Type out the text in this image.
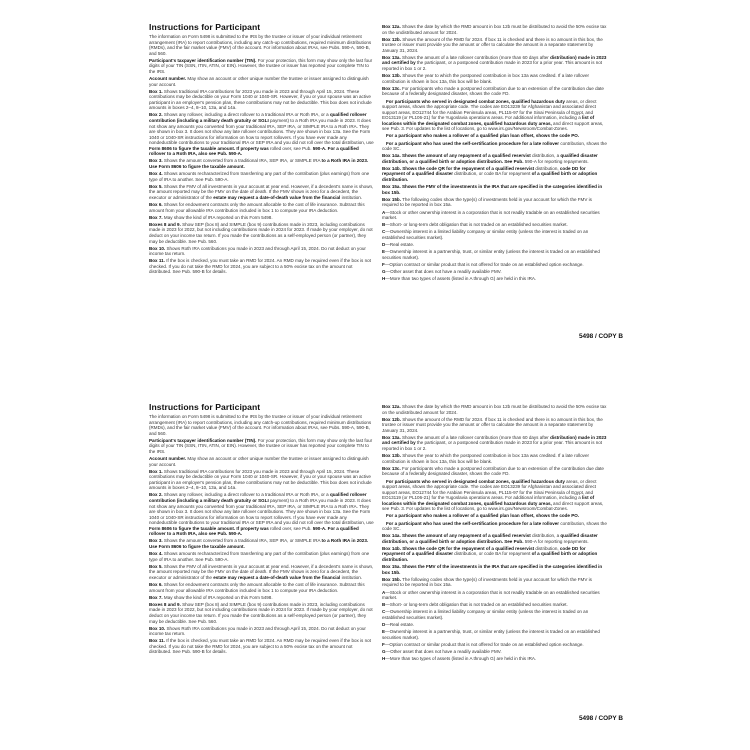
Instructions for Participant

The information on Form 5498 is submitted to the IRS by the trustee or issuer of your individual retirement arrangement (IRA) to report contributions, including any catch-up contributions, required minimum distributions (RMDs), and the fair market value (FMV) of the account. For information about IRAs, see Pubs. 590-A, 590-B, and 560.

Participant's taxpayer identification number (TIN). For your protection, this form may show only the last four digits of your TIN (SSN, ITIN, ATIN, or EIN). However, the trustee or issuer has reported your complete TIN to the IRS.

Account number. May show an account or other unique number the trustee or issuer assigned to distinguish your account.

Box 1. Shows traditional IRA contributions for 2023 you made in 2023 and through April 15, 2024. These contributions may be deductible on your Form 1040 or 1040-SR. However, if you or your spouse was an active participant in an employer's pension plan, these contributions may not be deductible. This box does not include amounts in boxes 2–4, 8–10, 13a, and 14a.

Box 2. Shows any rollover, including a direct rollover to a traditional IRA or Roth IRA, or a qualified rollover contribution (including a military death gratuity or SGLI payment) to a Roth IRA you made in 2023. It does not show any amounts you converted from your traditional IRA, SEP IRA, or SIMPLE IRA to a Roth IRA. They are shown in box 3. It does not show any late rollover contributions. They are shown in box 13a. See the Form 1040 or 1040-SR instructions for information on how to report rollovers. If you have ever made any nondeductible contributions to your traditional IRA or SEP IRA and you did not roll over the total distribution, use Form 8606 to figure the taxable amount. If property was rolled over, see Pub. 590-A. For a qualified rollover to a Roth IRA, also see Pub. 590-A.

Box 3. Shows the amount converted from a traditional IRA, SEP IRA, or SIMPLE IRA to a Roth IRA in 2023. Use Form 8606 to figure the taxable amount.

Box 4. Shows amounts recharacterized from transferring any part of the contribution (plus earnings) from one type of IRA to another. See Pub. 590-A.

Box 5. Shows the FMV of all investments in your account at year end. However, if a decedent's name is shown, the amount reported may be the FMV on the date of death. If the FMV shown is zero for a decedent, the executor or administrator of the estate may request a date-of-death value from the financial institution.

Box 6. Shows for endowment contracts only the amount allocable to the cost of life insurance. Subtract this amount from your allowable IRA contribution included in box 1 to compute your IRA deduction.

Box 7. May show the kind of IRA reported on this Form 5498.

Boxes 8 and 9. Show SEP (box 8) and SIMPLE (box 9) contributions made in 2023, including contributions made in 2023 for 2022, but not including contributions made in 2024 for 2023. If made by your employer, do not deduct on your income tax return. If you made the contributions as a self-employed person (or partner), they may be deductible. See Pub. 560.

Box 10. Shows Roth IRA contributions you made in 2023 and through April 15, 2024. Do not deduct on your income tax return.

Box 11. If the box is checked, you must take an RMD for 2024. An RMD may be required even if the box is not checked. If you do not take the RMD for 2024, you are subject to a 50% excise tax on the amount not distributed. See Pub. 590-B for details.

Box 12a. Shows the date by which the RMD amount in box 12b must be distributed to avoid the 50% excise tax on the undistributed amount for 2024.

Box 12b. Shows the amount of the RMD for 2024. If box 11 is checked and there is no amount in this box, the trustee or issuer must provide you the amount or offer to calculate the amount in a separate statement by January 31, 2024.

Box 13a. Shows the amount of a late rollover contribution (more than 60 days after distribution) made in 2023 and certified by the participant, or a postponed contribution made in 2023 for a prior year. This amount is not reported in box 1 or 2.

Box 13b. Shows the year to which the postponed contribution in box 13a was credited. If a late rollover contribution is shown in box 13a, this box will be blank.

Box 13c. For participants who made a postponed contribution due to an extension of the contribution due date because of a federally designated disaster, shows the code FD.

For participants who served in designated combat zones, qualified hazardous duty areas, or direct support areas, shows the appropriate code. The codes are EO13239 for Afghanistan and associated direct support areas, EO12744 for the Arabian Peninsula areas, PL115-97 for the Sinai Peninsula of Egypt, and EO13119 (or PL106-21) for the Yugoslavia operations areas. For additional information, including a list of locations within the designated combat zones, qualified hazardous duty areas, and direct support areas, see Pub. 3. For updates to the list of locations, go to www.irs.gov/Newsroom/Combat-Zones.

For a participant who makes a rollover of a qualified plan loan offset, shows the code PO.

For a participant who has used the self-certification procedure for a late rollover contribution, shows the code SC.

Box 14a. Shows the amount of any repayment of a qualified reservist distribution, a qualified disaster distribution, or a qualified birth or adoption distribution. See Pub. 590-A for reporting repayments.

Box 14b. Shows the code QR for the repayment of a qualified reservist distribution, code DD for repayment of a qualified disaster distribution, or code BA for repayment of a qualified birth or adoption distribution.

Box 15a. Shows the FMV of the investments in the IRA that are specified in the categories identified in box 15b.

Box 15b. The following codes show the type(s) of investments held in your account for which the FMV is required to be reported in box 15a.

A—Stock or other ownership interest in a corporation that is not readily tradable on an established securities market.

B—Short- or long-term debt obligation that is not traded on an established securities market.

C—Ownership interest in a limited liability company or similar entity (unless the interest is traded on an established securities market).

D—Real estate.

E—Ownership interest in a partnership, trust, or similar entity (unless the interest is traded on an established securities market).

F—Option contract or similar product that is not offered for trade on an established option exchange.

G—Other asset that does not have a readily available FMV.

H—More than two types of assets (listed in A through G) are held in this IRA.

5498 / COPY B
Instructions for Participant

The information on Form 5498 is submitted to the IRS by the trustee or issuer of your individual retirement arrangement (IRA) to report contributions, including any catch-up contributions, required minimum distributions (RMDs), and the fair market value (FMV) of the account. For information about IRAs, see Pubs. 590-A, 590-B, and 560.

Participant's taxpayer identification number (TIN). For your protection, this form may show only the last four digits of your TIN (SSN, ITIN, ATIN, or EIN). However, the trustee or issuer has reported your complete TIN to the IRS.

Account number. May show an account or other unique number the trustee or issuer assigned to distinguish your account.

Box 1. Shows traditional IRA contributions for 2023 you made in 2023 and through April 15, 2024. These contributions may be deductible on your Form 1040 or 1040-SR. However, if you or your spouse was an active participant in an employer's pension plan, these contributions may not be deductible. This box does not include amounts in boxes 2–4, 8–10, 13a, and 14a.

Box 2. Shows any rollover, including a direct rollover to a traditional IRA or Roth IRA, or a qualified rollover contribution (including a military death gratuity or SGLI payment) to a Roth IRA you made in 2023. It does not show any amounts you converted from your traditional IRA, SEP IRA, or SIMPLE IRA to a Roth IRA. They are shown in box 3. It does not show any late rollover contributions. They are shown in box 13a. See the Form 1040 or 1040-SR instructions for information on how to report rollovers. If you have ever made any nondeductible contributions to your traditional IRA or SEP IRA and you did not roll over the total distribution, use Form 8606 to figure the taxable amount. If property was rolled over, see Pub. 590-A. For a qualified rollover to a Roth IRA, also see Pub. 590-A.

Box 3. Shows the amount converted from a traditional IRA, SEP IRA, or SIMPLE IRA to a Roth IRA in 2023. Use Form 8606 to figure the taxable amount.

Box 4. Shows amounts recharacterized from transferring any part of the contribution (plus earnings) from one type of IRA to another. See Pub. 590-A.

Box 5. Shows the FMV of all investments in your account at year end. However, if a decedent's name is shown, the amount reported may be the FMV on the date of death. If the FMV shown is zero for a decedent, the executor or administrator of the estate may request a date-of-death value from the financial institution.

Box 6. Shows for endowment contracts only the amount allocable to the cost of life insurance. Subtract this amount from your allowable IRA contribution included in box 1 to compute your IRA deduction.

Box 7. May show the kind of IRA reported on this Form 5498.

Boxes 8 and 9. Show SEP (box 8) and SIMPLE (box 9) contributions made in 2023, including contributions made in 2023 for 2022, but not including contributions made in 2024 for 2023. If made by your employer, do not deduct on your income tax return. If you made the contributions as a self-employed person (or partner), they may be deductible. See Pub. 560.

Box 10. Shows Roth IRA contributions you made in 2023 and through April 15, 2024. Do not deduct on your income tax return.

Box 11. If the box is checked, you must take an RMD for 2024. An RMD may be required even if the box is not checked. If you do not take the RMD for 2024, you are subject to a 50% excise tax on the amount not distributed. See Pub. 590-B for details.

Box 12a. Shows the date by which the RMD amount in box 12b must be distributed to avoid the 50% excise tax on the undistributed amount for 2024.

Box 12b. Shows the amount of the RMD for 2024. If box 11 is checked and there is no amount in this box, the trustee or issuer must provide you the amount or offer to calculate the amount in a separate statement by January 31, 2024.

Box 13a. Shows the amount of a late rollover contribution (more than 60 days after distribution) made in 2023 and certified by the participant, or a postponed contribution made in 2023 for a prior year. This amount is not reported in box 1 or 2.

Box 13b. Shows the year to which the postponed contribution in box 13a was credited. If a late rollover contribution is shown in box 13a, this box will be blank.

Box 13c. For participants who made a postponed contribution due to an extension of the contribution due date because of a federally designated disaster, shows the code FD.

For participants who served in designated combat zones, qualified hazardous duty areas, or direct support areas, shows the appropriate code. The codes are EO13239 for Afghanistan and associated direct support areas, EO12744 for the Arabian Peninsula areas, PL115-97 for the Sinai Peninsula of Egypt, and EO13119 (or PL106-21) for the Yugoslavia operations areas. For additional information, including a list of locations within the designated combat zones, qualified hazardous duty areas, and direct support areas, see Pub. 3. For updates to the list of locations, go to www.irs.gov/Newsroom/Combat-Zones.

For a participant who makes a rollover of a qualified plan loan offset, shows the code PO.

For a participant who has used the self-certification procedure for a late rollover contribution, shows the code SC.

Box 14a. Shows the amount of any repayment of a qualified reservist distribution, a qualified disaster distribution, or a qualified birth or adoption distribution. See Pub. 590-A for reporting repayments.

Box 14b. Shows the code QR for the repayment of a qualified reservist distribution, code DD for repayment of a qualified disaster distribution, or code BA for repayment of a qualified birth or adoption distribution.

Box 15a. Shows the FMV of the investments in the IRA that are specified in the categories identified in box 15b.

Box 15b. The following codes show the type(s) of investments held in your account for which the FMV is required to be reported in box 15a.

A—Stock or other ownership interest in a corporation that is not readily tradable on an established securities market.

B—Short- or long-term debt obligation that is not traded on an established securities market.

C—Ownership interest in a limited liability company or similar entity (unless the interest is traded on an established securities market).

D—Real estate.

E—Ownership interest in a partnership, trust, or similar entity (unless the interest is traded on an established securities market).

F—Option contract or similar product that is not offered for trade on an established option exchange.

G—Other asset that does not have a readily available FMV.

H—More than two types of assets (listed in A through G) are held in this IRA.

5498 / COPY B
